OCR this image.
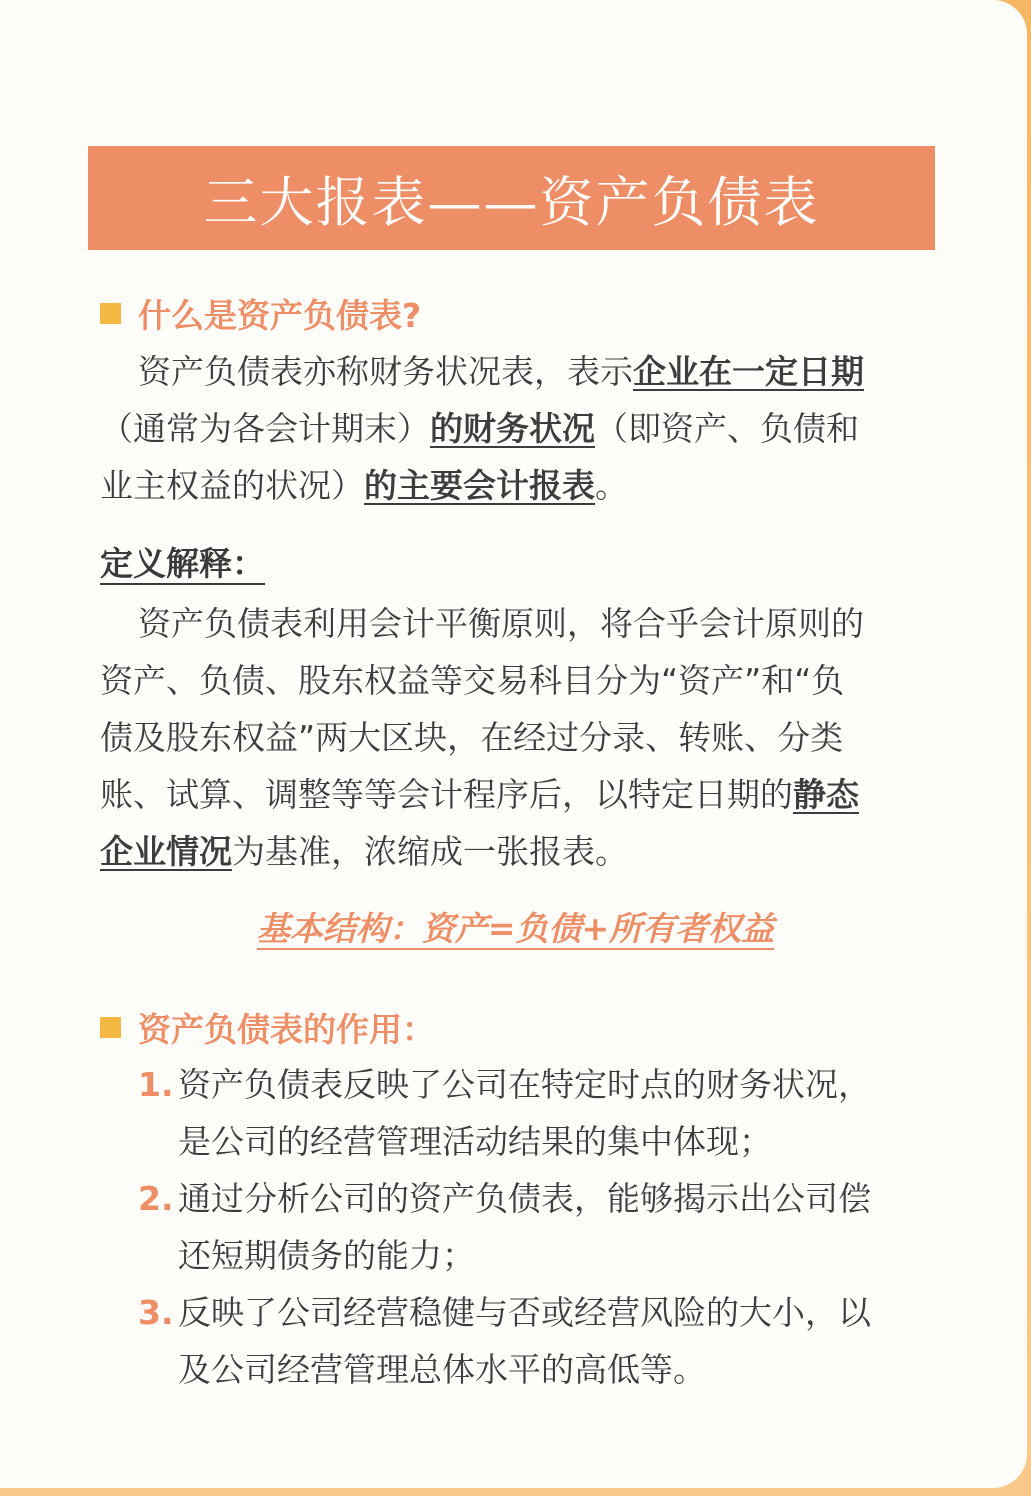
三大报表——资产负债表
什么是资产负债表?
资产负债表亦称财务状况表，表示企业在一定日期
（通常为各会计期末）的财务状况（即资产、负债和
业主权益的状况）的主要会计报表。
定义解释：
资产负债表利用会计平衡原则，将合乎会计原则的
资产、负债、股东权益等交易科目分为“资产”和“负
债及股东权益”两大区块，在经过分录、转账、分类
账、试算、调整等等会计程序后，以特定日期的静态
企业情况为基准，浓缩成一张报表。
基本结构：资产=负债+所有者权益
资产负债表的作用：
1. 资产负债表反映了公司在特定时点的财务状况，
是公司的经营管理活动结果的集中体现；
2. 通过分析公司的资产负债表，能够揭示出公司偿
还短期债务的能力；
3. 反映了公司经营稳健与否或经营风险的大小，以
及公司经营管理总体水平的高低等。
